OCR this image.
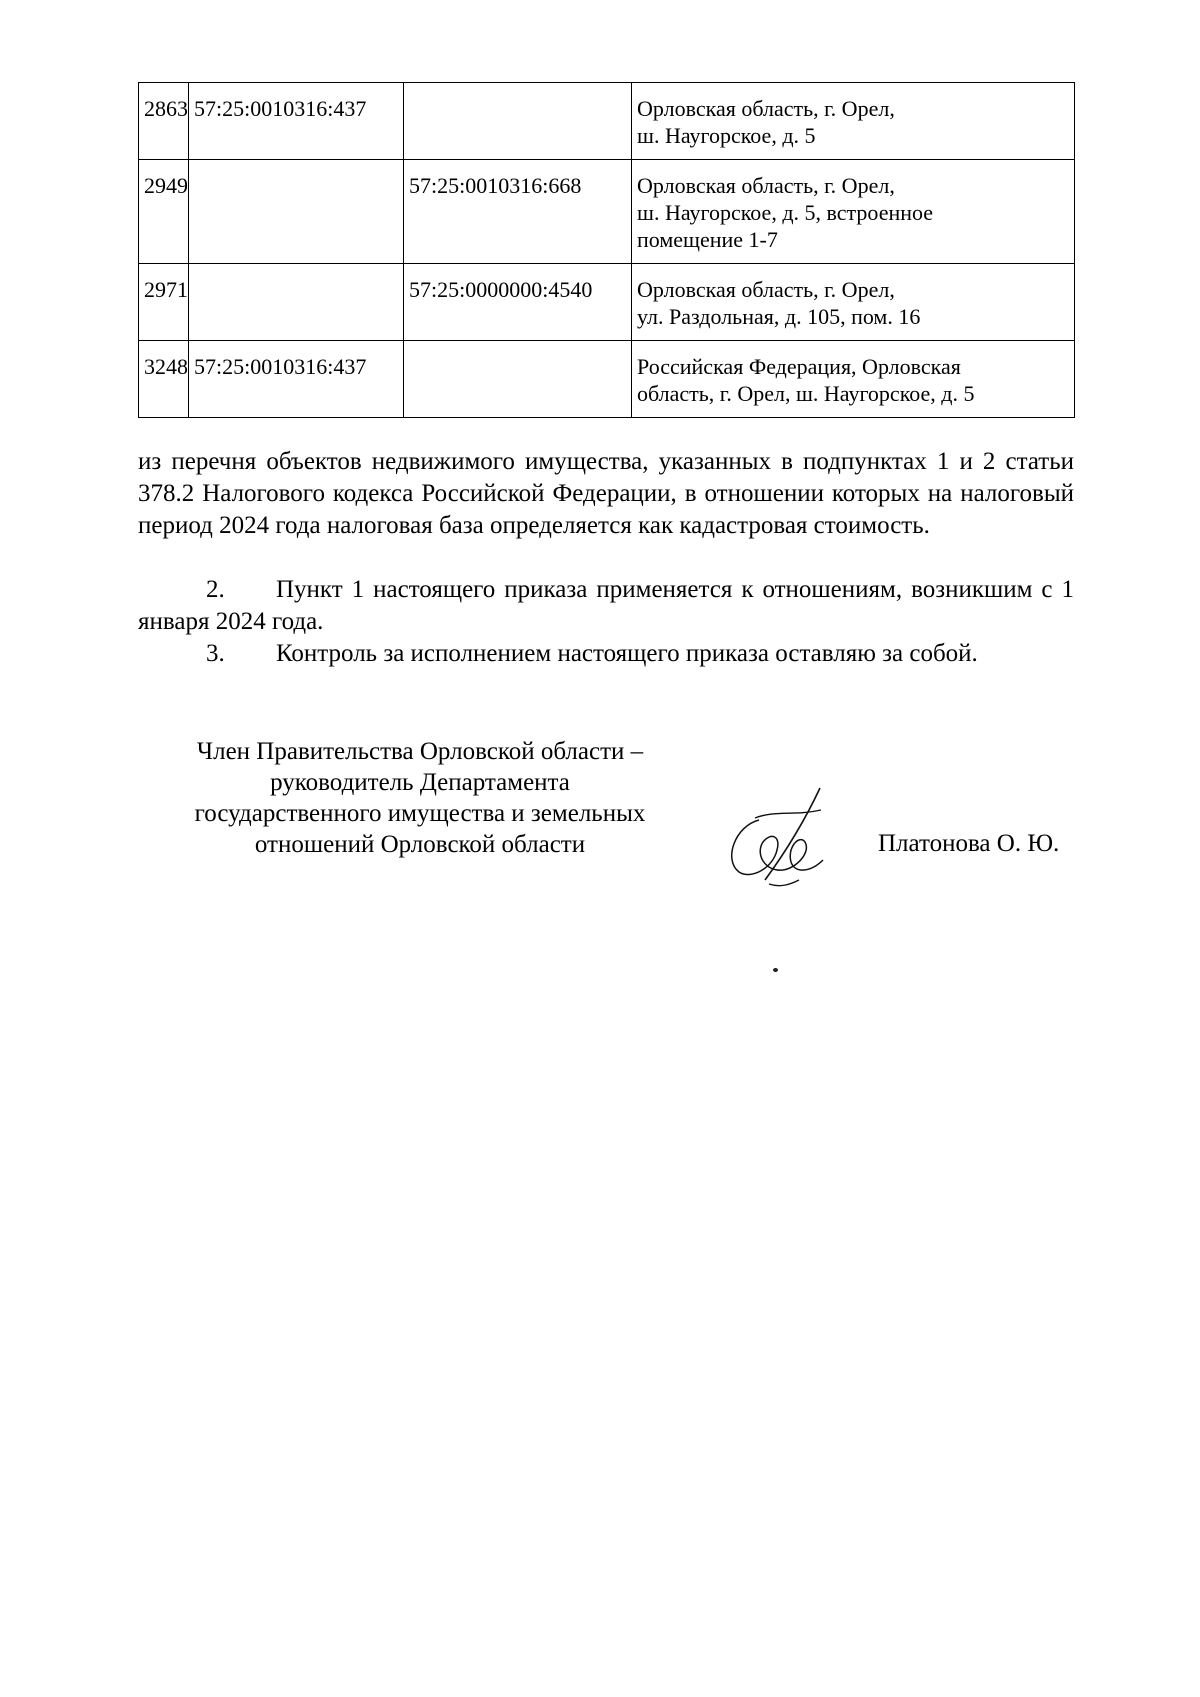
2863	57:25:0010316:437		Орловская область, г. Орел,
ш. Наугорское, д. 5
2949		57:25:0010316:668	Орловская область, г. Орел,
ш. Наугорское, д. 5, встроенное
помещение 1-7
2971		57:25:0000000:4540	Орловская область, г. Орел,
ул. Раздольная, д. 105, пом. 16
3248	57:25:0010316:437		Российская Федерация, Орловская
область, г. Орел, ш. Наугорское, д. 5
из перечня объектов недвижимого имущества, указанных в подпунктах 1 и 2 статьи 378.2 Налогового кодекса Российской Федерации, в отношении которых на налоговый период 2024 года налоговая база определяется как кадастровая стоимость.
2. Пункт 1 настоящего приказа применяется к отношениям, возникшим с 1 января 2024 года.
3. Контроль за исполнением настоящего приказа оставляю за собой.
Член Правительства Орловской области –
руководитель Департамента
государственного имущества и земельных
отношений Орловской области	Платонова О. Ю.
